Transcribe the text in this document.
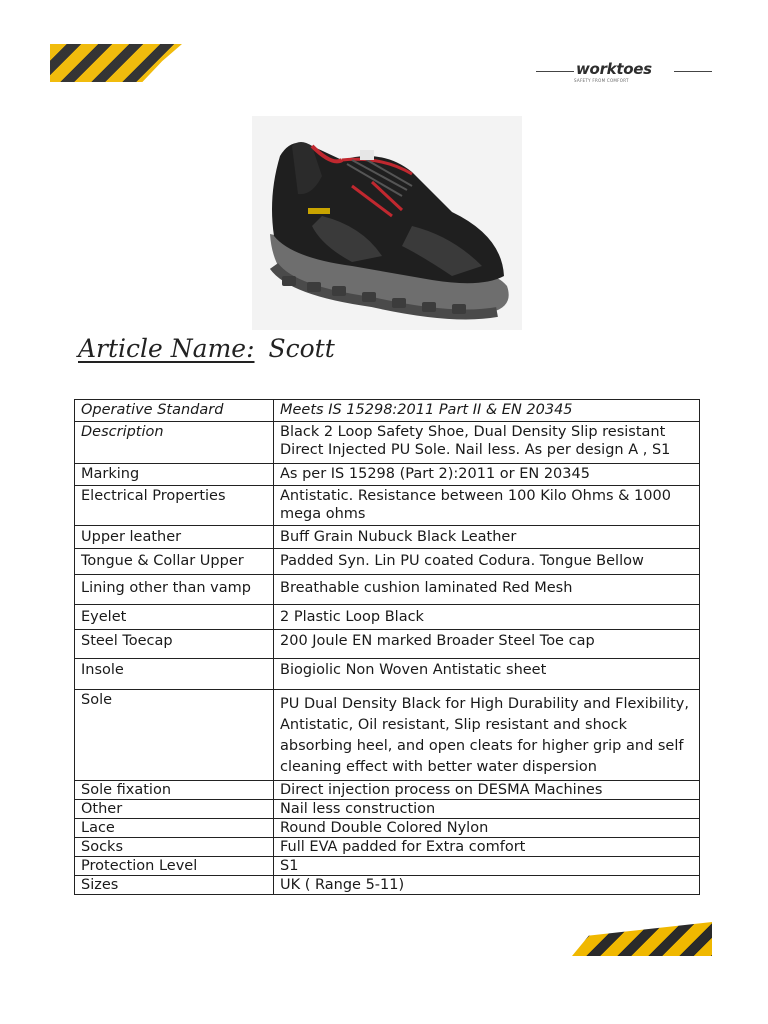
worktoes
SAFETY FROM COMFORT
Article Name: Scott
Operative Standard	Meets IS 15298:2011 Part II & EN 20345
Description	Black 2 Loop Safety Shoe, Dual Density Slip resistant Direct Injected PU Sole. Nail less. As per design A , S1
Marking	As per IS 15298 (Part 2):2011 or EN 20345
Electrical Properties	Antistatic. Resistance between 100 Kilo Ohms & 1000 mega ohms
Upper leather	Buff Grain Nubuck Black Leather
Tongue & Collar Upper	Padded Syn. Lin PU coated Codura. Tongue Bellow
Lining other than vamp	Breathable cushion laminated Red Mesh
Eyelet	2 Plastic Loop Black
Steel Toecap	200 Joule EN marked Broader Steel Toe cap
Insole	Biogiolic Non Woven Antistatic sheet
Sole	PU Dual Density Black for High Durability and Flexibility, Antistatic, Oil resistant, Slip resistant and shock absorbing heel, and open cleats for higher grip and self cleaning effect with better water dispersion
Sole fixation	Direct injection process on DESMA Machines
Other	Nail less construction
Lace	Round Double Colored Nylon
Socks	Full EVA padded for Extra comfort
Protection Level	S1
Sizes	UK ( Range 5-11)
